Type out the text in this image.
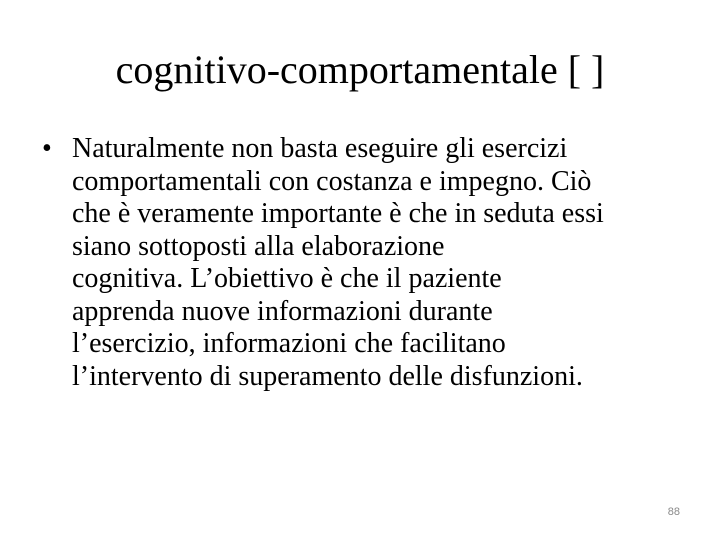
cognitivo-comportamentale [ ]
• Naturalmente non basta eseguire gli esercizi
comportamentali con costanza e impegno. Ciò
che è veramente importante è che in seduta essi
siano sottoposti alla elaborazione
cognitiva. L’obiettivo è che il paziente
apprenda nuove informazioni durante
l’esercizio, informazioni che facilitano
l’intervento di superamento delle disfunzioni.
88
